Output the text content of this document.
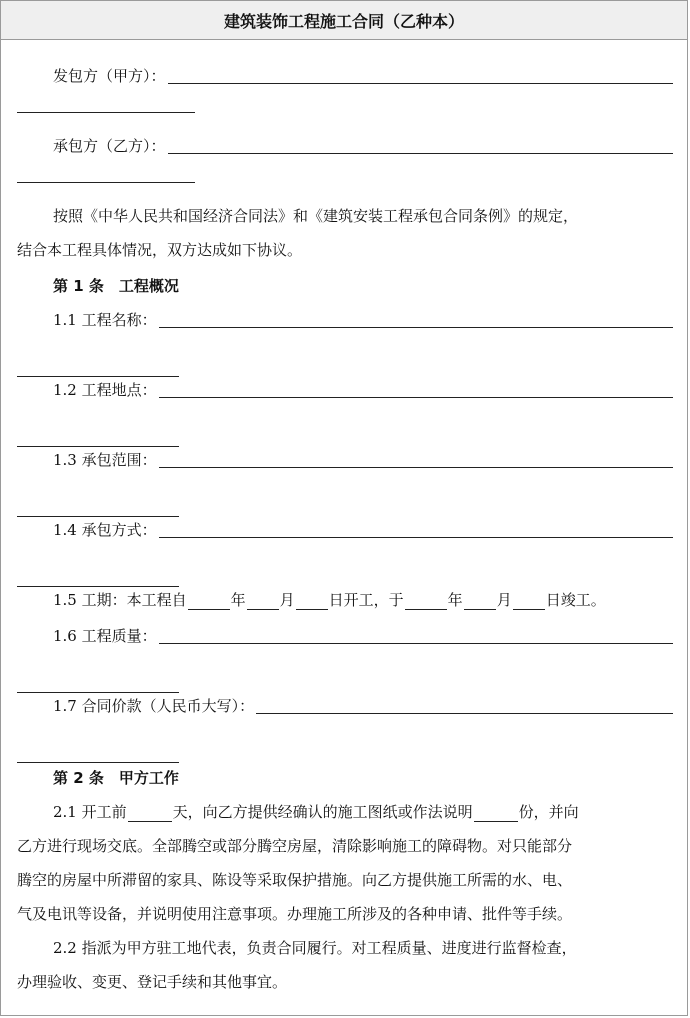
建筑装饰工程施工合同（乙种本）
发包方（甲方）：
承包方（乙方）：
按照《中华人民共和国经济合同法》和《建筑安装工程承包合同条例》的规定，
结合本工程具体情况，双方达成如下协议。
第 1 条　工程概况
1.1 工程名称：
1.2 工程地点：
1.3 承包范围：
1.4 承包方式：
1.5 工期：本工程自	年 月 日开工，于	年 月 日竣工。
1.6 工程质量：
1.7 合同价款（人民币大写）：
第 2 条　甲方工作
2.1 开工前	天，向乙方提供经确认的施工图纸或作法说明	份，并向
乙方进行现场交底。全部腾空或部分腾空房屋，清除影响施工的障碍物。对只能部分
腾空的房屋中所滞留的家具、陈设等采取保护措施。向乙方提供施工所需的水、电、
气及电讯等设备，并说明使用注意事项。办理施工所涉及的各种申请、批件等手续。
2.2 指派为甲方驻工地代表，负责合同履行。对工程质量、进度进行监督检查，
办理验收、变更、登记手续和其他事宜。
